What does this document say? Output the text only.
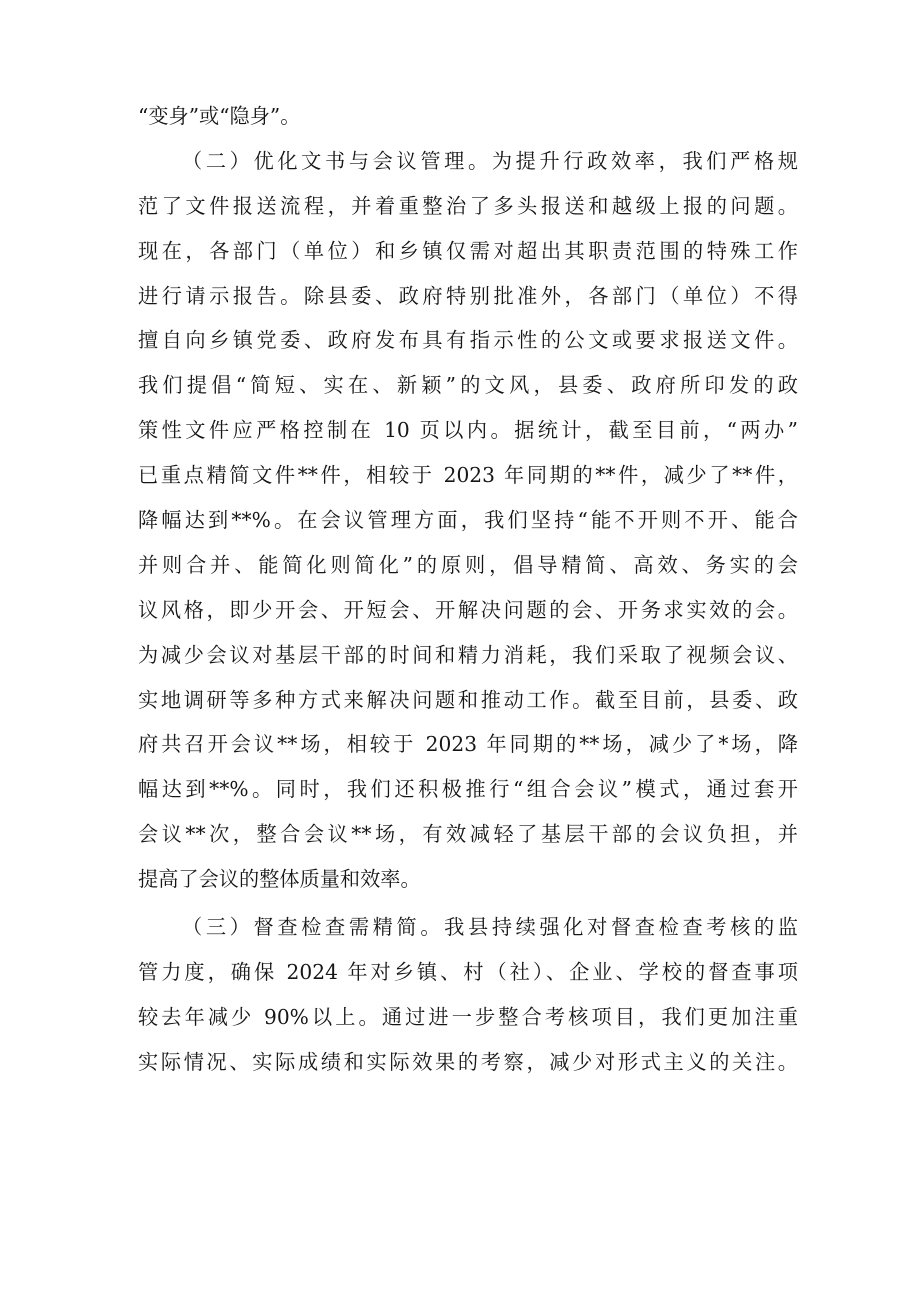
“变身”或“隐身”。
（二）优化文书与会议管理。为提升行政效率，我们严格规
范了文件报送流程，并着重整治了多头报送和越级上报的问题。
现在，各部门（单位）和乡镇仅需对超出其职责范围的特殊工作
进行请示报告。除县委、政府特别批准外，各部门（单位）不得
擅自向乡镇党委、政府发布具有指示性的公文或要求报送文件。
我们提倡“简短、实在、新颖”的文风，县委、政府所印发的政
策性文件应严格控制在 10 页以内。据统计，截至目前，“两办”
已重点精简文件**件，相较于 2023 年同期的**件，减少了**件，
降幅达到**%。在会议管理方面，我们坚持“能不开则不开、能合
并则合并、能简化则简化”的原则，倡导精简、高效、务实的会
议风格，即少开会、开短会、开解决问题的会、开务求实效的会。
为减少会议对基层干部的时间和精力消耗，我们采取了视频会议、
实地调研等多种方式来解决问题和推动工作。截至目前，县委、政
府共召开会议**场，相较于 2023 年同期的**场，减少了*场，降
幅达到**%。同时，我们还积极推行“组合会议”模式，通过套开
会议**次，整合会议**场，有效减轻了基层干部的会议负担，并
提高了会议的整体质量和效率。
（三）督查检查需精简。我县持续强化对督查检查考核的监
管力度，确保 2024 年对乡镇、村（社）、企业、学校的督查事项
较去年减少 90%以上。通过进一步整合考核项目，我们更加注重
实际情况、实际成绩和实际效果的考察，减少对形式主义的关注。
